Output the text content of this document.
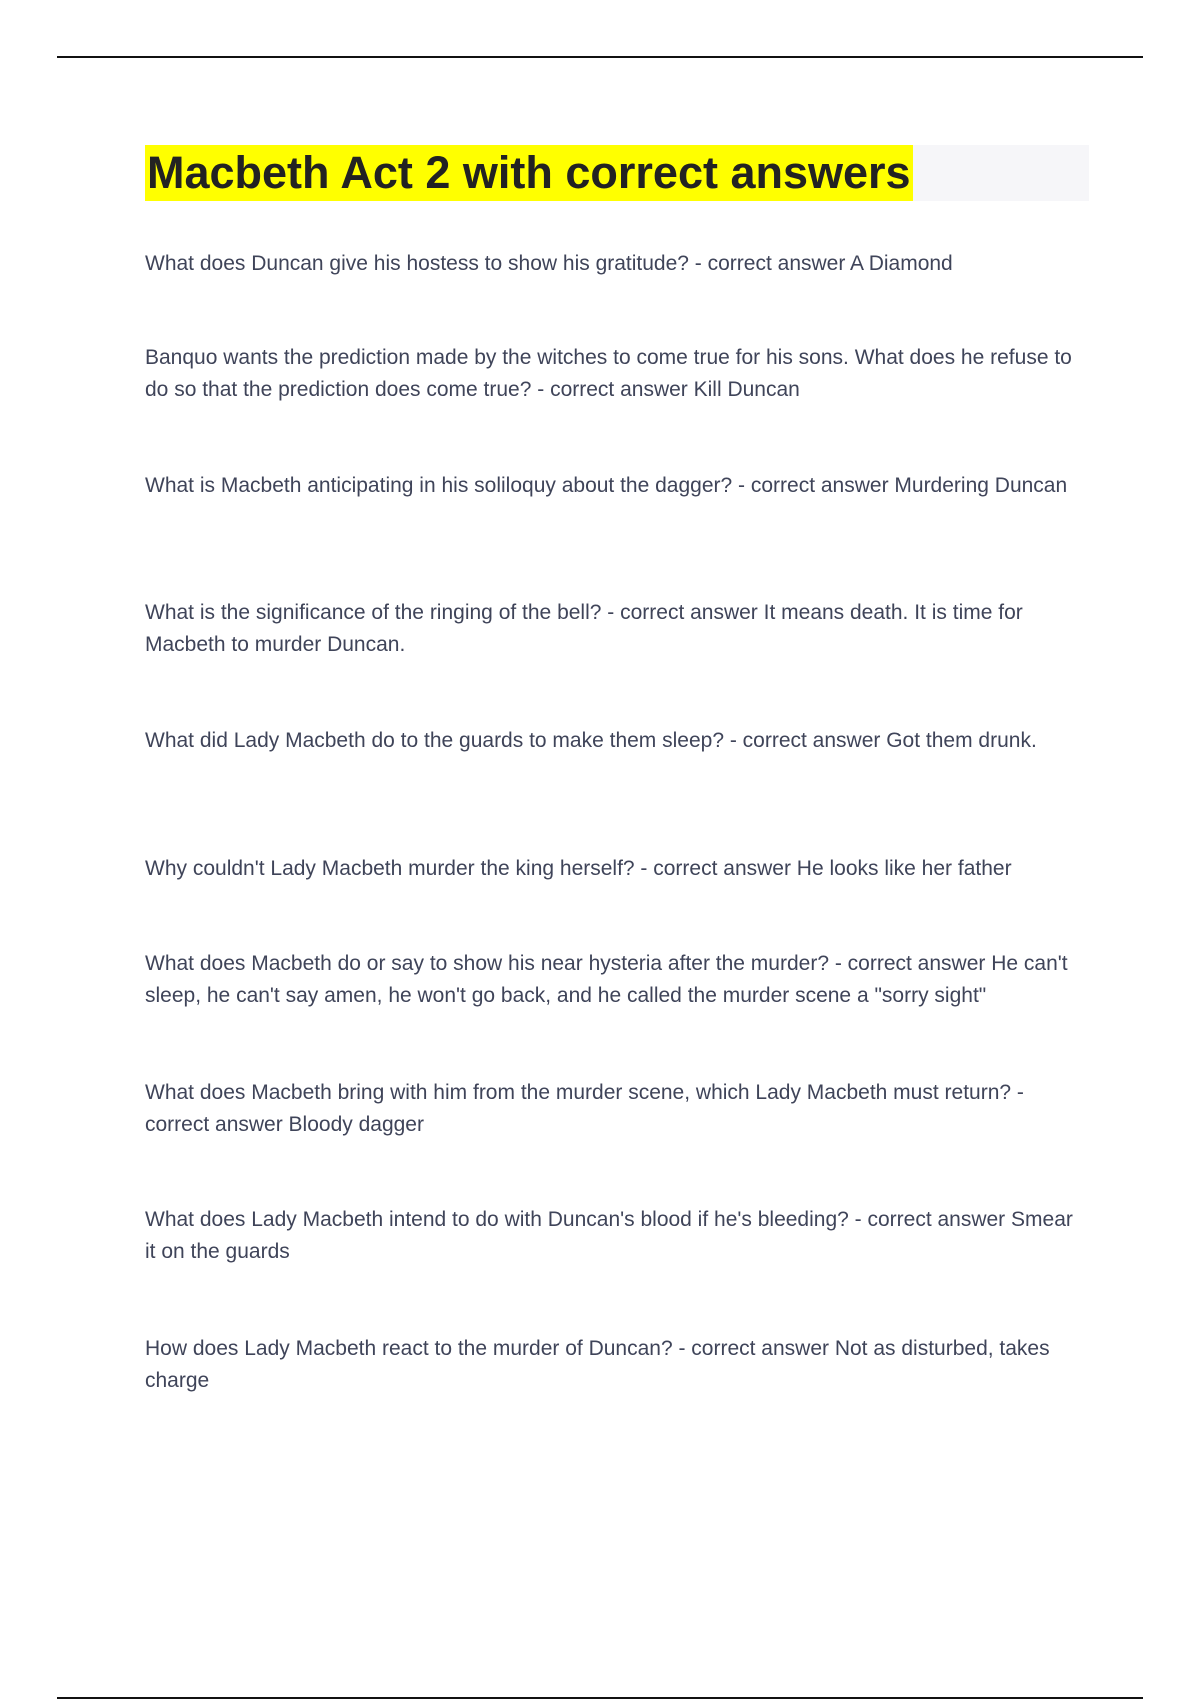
Macbeth Act 2 with correct answers
What does Duncan give his hostess to show his gratitude? - correct answer A Diamond
Banquo wants the prediction made by the witches to come true for his sons. What does he refuse to do so that the prediction does come true? - correct answer Kill Duncan
What is Macbeth anticipating in his soliloquy about the dagger? - correct answer Murdering Duncan
What is the significance of the ringing of the bell? - correct answer It means death. It is time for Macbeth to murder Duncan.
What did Lady Macbeth do to the guards to make them sleep? - correct answer Got them drunk.
Why couldn't Lady Macbeth murder the king herself? - correct answer He looks like her father
What does Macbeth do or say to show his near hysteria after the murder? - correct answer He can't sleep, he can't say amen, he won't go back, and he called the murder scene a "sorry sight"
What does Macbeth bring with him from the murder scene, which Lady Macbeth must return? - correct answer Bloody dagger
What does Lady Macbeth intend to do with Duncan's blood if he's bleeding? - correct answer Smear it on the guards
How does Lady Macbeth react to the murder of Duncan? - correct answer Not as disturbed, takes charge
